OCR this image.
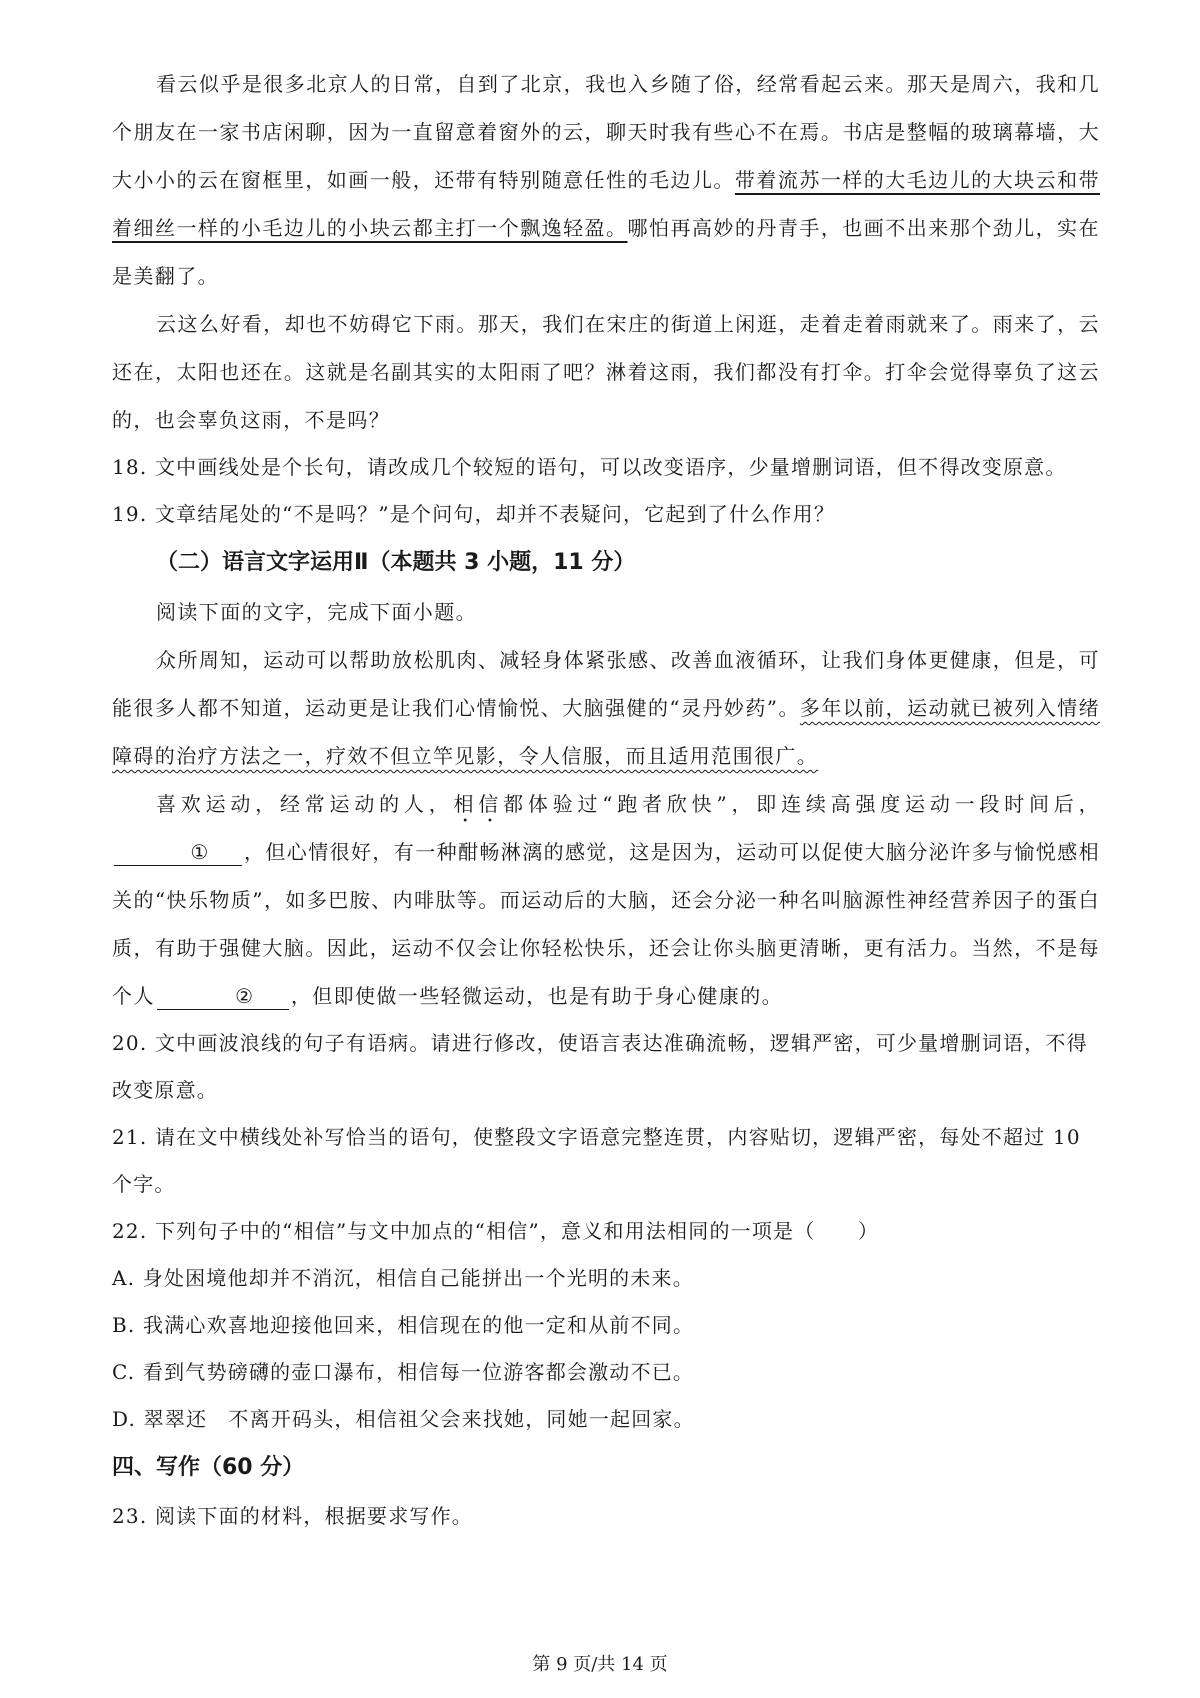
看云似乎是很多北京人的日常，自到了北京，我也入乡随了俗，经常看起云来。那天是周六，我和几个朋友在一家书店闲聊，因为一直留意着窗外的云，聊天时我有些心不在焉。书店是整幅的玻璃幕墙，大大小小的云在窗框里，如画一般，还带有特别随意任性的毛边儿。带着流苏一样的大毛边儿的大块云和带着细丝一样的小毛边儿的小块云都主打一个飘逸轻盈。哪怕再高妙的丹青手，也画不出来那个劲儿，实在是美翻了。

云这么好看，却也不妨碍它下雨。那天，我们在宋庄的街道上闲逛，走着走着雨就来了。雨来了，云还在，太阳也还在。这就是名副其实的太阳雨了吧？淋着这雨，我们都没有打伞。打伞会觉得辜负了这云的，也会辜负这雨，不是吗？

18. 文中画线处是个长句，请改成几个较短的语句，可以改变语序，少量增删词语，但不得改变原意。

19. 文章结尾处的“不是吗？”是个问句，却并不表疑问，它起到了什么作用？

（二）语言文字运用Ⅱ（本题共 3 小题，11 分）

阅读下面的文字，完成下面小题。

众所周知，运动可以帮助放松肌肉、减轻身体紧张感、改善血液循环，让我们身体更健康，但是，可能很多人都不知道，运动更是让我们心情愉悦、大脑强健的“灵丹妙药”。多年以前，运动就已被列入情绪障碍的治疗方法之一，疗效不但立竿见影，令人信服，而且适用范围很广。

喜欢运动，经常运动的人，相信都体验过“跑者欣快”，即连续高强度运动一段时间后，① ，但心情很好，有一种酣畅淋漓的感觉，这是因为，运动可以促使大脑分泌许多与愉悦感相关的“快乐物质”，如多巴胺、内啡肽等。而运动后的大脑，还会分泌一种名叫脑源性神经营养因子的蛋白质，有助于强健大脑。因此，运动不仅会让你轻松快乐，还会让你头脑更清晰，更有活力。当然，不是每个人	② ，但即使做一些轻微运动，也是有助于身心健康的。

20. 文中画波浪线的句子有语病。请进行修改，使语言表达准确流畅，逻辑严密，可少量增删词语，不得改变原意。

21. 请在文中横线处补写恰当的语句，使整段文字语意完整连贯，内容贴切，逻辑严密，每处不超过 10 个字。

22. 下列句子中的“相信”与文中加点的“相信”，意义和用法相同的一项是（　　）

A. 身处困境他却并不消沉，相信自己能拼出一个光明的未来。

B. 我满心欢喜地迎接他回来，相信现在的他一定和从前不同。

C. 看到气势磅礴的壶口瀑布，相信每一位游客都会激动不已。

D. 翠翠还　不离开码头，相信祖父会来找她，同她一起回家。

四、写作（60 分）

23. 阅读下面的材料，根据要求写作。

第 9 页/共 14 页
